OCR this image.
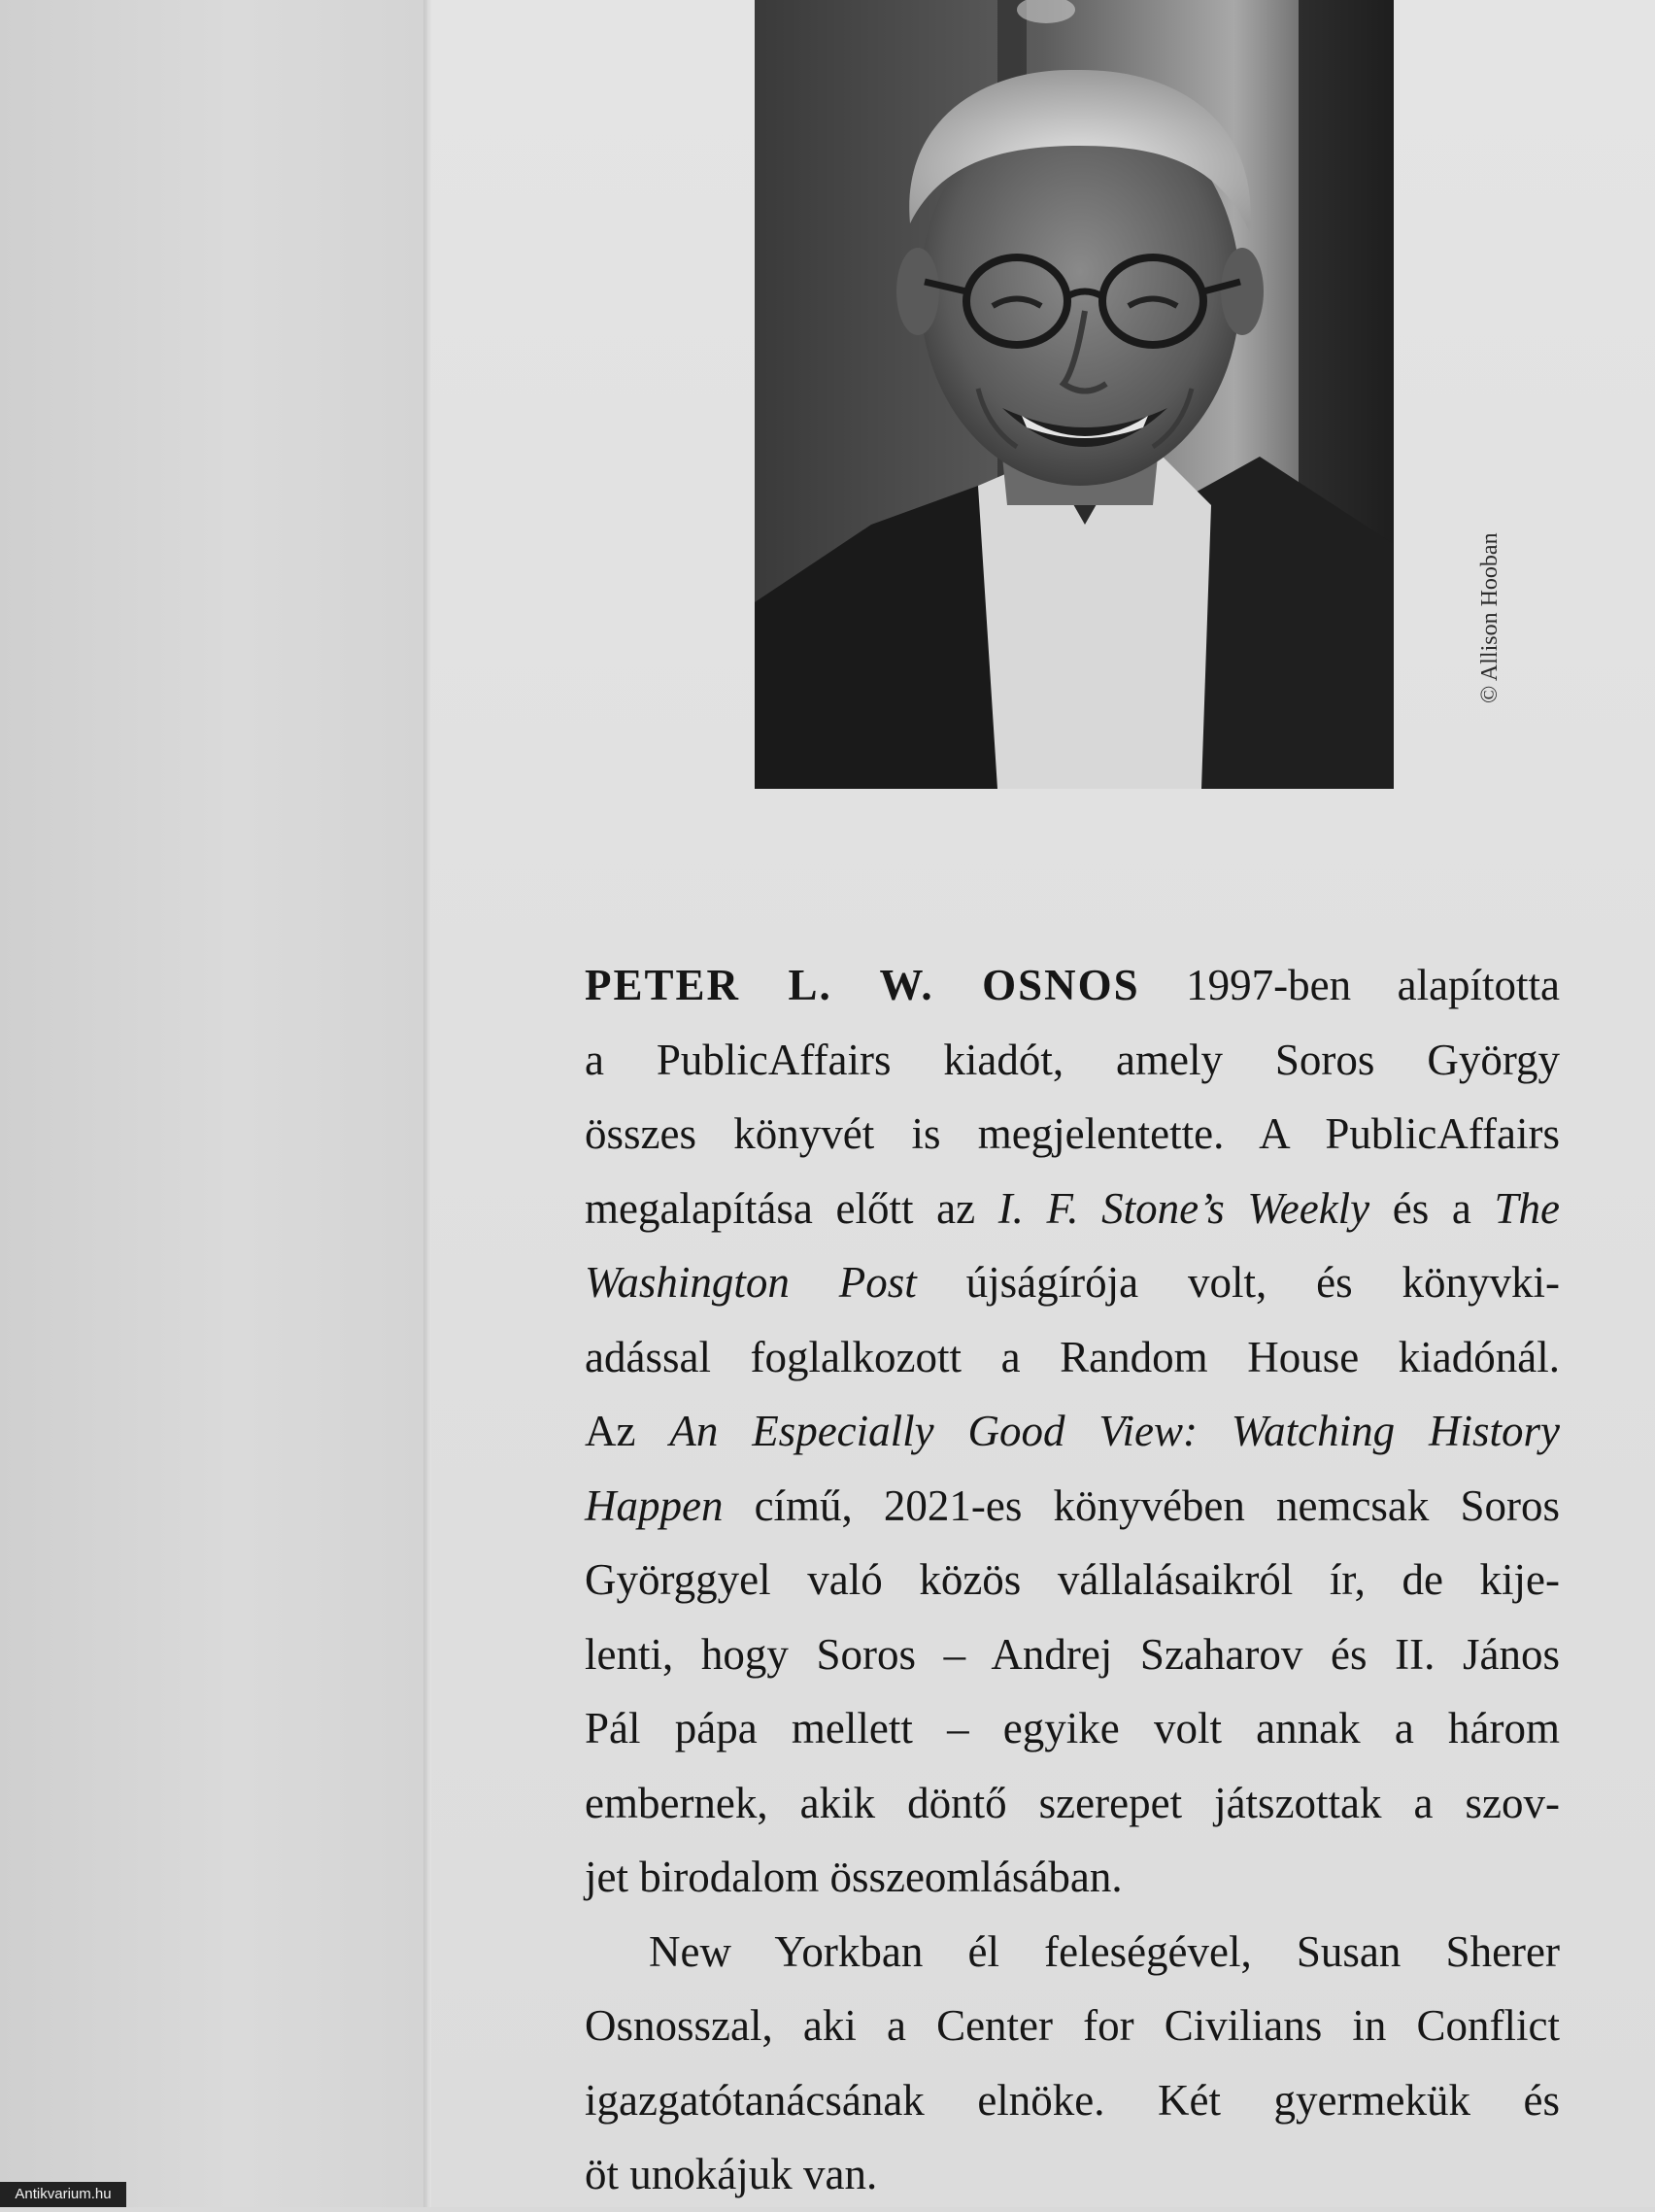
© Allison Hooban

PETER L. W. OSNOS 1997-ben alapította
a PublicAffairs kiadót, amely Soros György
összes könyvét is megjelentette. A PublicAffairs
megalapítása előtt az I. F. Stone’s Weekly és a The
Washington Post újságírója volt, és könyvki-
adással foglalkozott a Random House kiadónál.
Az An Especially Good View: Watching History
Happen című, 2021-es könyvében nemcsak Soros
Györggyel való közös vállalásaikról ír, de kije-
lenti, hogy Soros – Andrej Szaharov és II. János
Pál pápa mellett – egyike volt annak a három
embernek, akik döntő szerepet játszottak a szov-
jet birodalom összeomlásában.

New Yorkban él feleségével, Susan Sherer
Osnosszal, aki a Center for Civilians in Conflict
igazgatótanácsának elnöke. Két gyermekük és
öt unokájuk van.

Antikvarium.hu
